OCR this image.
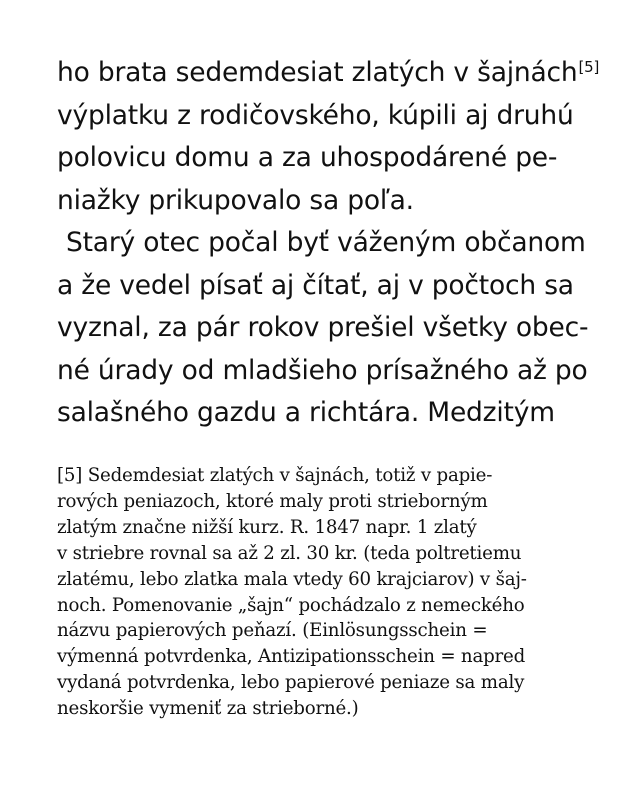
ho brata sedemdesiat zlatých v šajnách[5]
výplatku z rodičovského, kúpili aj druhú
polovicu domu a za uhospodárené pe-
niažky prikupovalo sa poľa.
Starý otec počal byť váženým občanom
a že vedel písať aj čítať, aj v počtoch sa
vyznal, za pár rokov prešiel všetky obec-
né úrady od mladšieho prísažného až po
salašného gazdu a richtára. Medzitým
[5] Sedemdesiat zlatých v šajnách, totiž v papie-
rových peniazoch, ktoré maly proti strieborným
zlatým značne nižší kurz. R. 1847 napr. 1 zlatý
v striebre rovnal sa až 2 zl. 30 kr. (teda poltretiemu
zlatému, lebo zlatka mala vtedy 60 krajciarov) v šaj-
noch. Pomenovanie „šajn“ pochádzalo z nemeckého
názvu papierových peňazí. (Einlösungsschein =
výmenná potvrdenka, Antizipationsschein = napred
vydaná potvrdenka, lebo papierové peniaze sa maly
neskoršie vymeniť za strieborné.)
